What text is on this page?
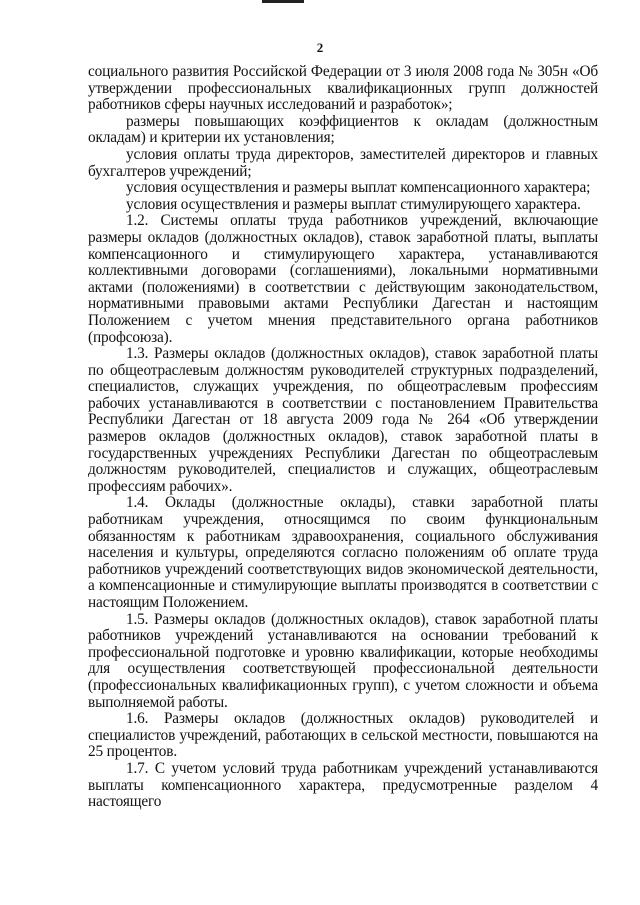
2

социального развития Российской Федерации от 3 июля 2008 года № 305н «Об утверждении профессиональных квалификационных групп должностей работников сферы научных исследований и разработок»;

размеры повышающих коэффициентов к окладам (должностным окладам) и критерии их установления;

условия оплаты труда директоров, заместителей директоров и главных бухгалтеров учреждений;

условия осуществления и размеры выплат компенсационного характера;

условия осуществления и размеры выплат стимулирующего характера.

1.2. Системы оплаты труда работников учреждений, включающие размеры окладов (должностных окладов), ставок заработной платы, выплаты компенсационного и стимулирующего характера, устанавливаются коллективными договорами (соглашениями), локальными нормативными актами (положениями) в соответствии с действующим законодательством, нормативными правовыми актами Республики Дагестан и настоящим Положением с учетом мнения представительного органа работников (профсоюза).

1.3. Размеры окладов (должностных окладов), ставок заработной платы по общеотраслевым должностям руководителей структурных подразделений, специалистов, служащих учреждения, по общеотраслевым профессиям рабочих устанавливаются в соответствии с постановлением Правительства Республики Дагестан от 18 августа 2009 года № 264 «Об утверждении размеров окладов (должностных окладов), ставок заработной платы в государственных учреждениях Республики Дагестан по общеотраслевым должностям руководителей, специалистов и служащих, общеотраслевым профессиям рабочих».

1.4. Оклады (должностные оклады), ставки заработной платы работникам учреждения, относящимся по своим функциональным обязанностям к работникам здравоохранения, социального обслуживания населения и культуры, определяются согласно положениям об оплате труда работников учреждений соответствующих видов экономической деятельности, а компенсационные и стимулирующие выплаты производятся в соответствии с настоящим Положением.

1.5. Размеры окладов (должностных окладов), ставок заработной платы работников учреждений устанавливаются на основании требований к профессиональной подготовке и уровню квалификации, которые необходимы для осуществления соответствующей профессиональной деятельности (профессиональных квалификационных групп), с учетом сложности и объема выполняемой работы.

1.6. Размеры окладов (должностных окладов) руководителей и специалистов учреждений, работающих в сельской местности, повышаются на 25 процентов.

1.7. С учетом условий труда работникам учреждений устанавливаются выплаты компенсационного характера, предусмотренные разделом 4 настоящего
